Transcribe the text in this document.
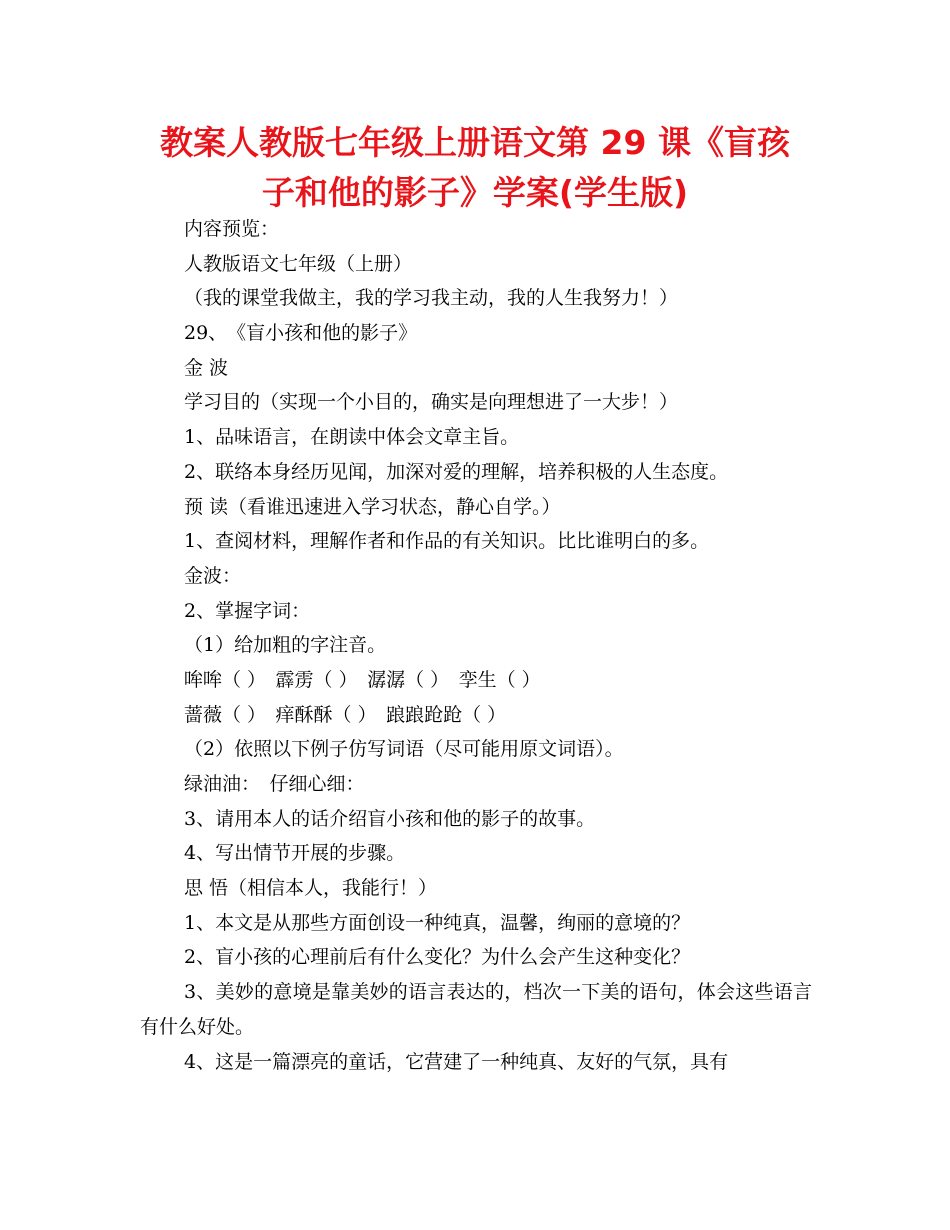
教案人教版七年级上册语文第 29 课《盲孩
子和他的影子》学案(学生版)
内容预览：
人教版语文七年级（上册）
（我的课堂我做主，我的学习我主动，我的人生我努力！）
29、　《盲小孩和他的影子》
金 波
学习目的（实现一个小目的，确实是向理想进了一大步！）
1、品味语言，在朗读中体会文章主旨。
2、联络本身经历见闻，加深对爱的理解，培养积极的人生态度。
预 读（看谁迅速进入学习状态，静心自学。）
1、查阅材料，理解作者和作品的有关知识。比比谁明白的多。
金波：
2、掌握字词：
（1）给加粗的字注音。
哞哞（ ）　霹雳（ ）　潺潺（ ）　孪生（ ）
蔷薇（ ）　痒酥酥（ ）　踉踉跄跄（ ）
（2）依照以下例子仿写词语（尽可能用原文词语）。
绿油油：　仔细心细：
3、请用本人的话介绍盲小孩和他的影子的故事。
4、写出情节开展的步骤。
思 悟（相信本人，我能行！）
1、本文是从那些方面创设一种纯真，温馨，绚丽的意境的？
2、盲小孩的心理前后有什么变化？为什么会产生这种变化？
3、美妙的意境是靠美妙的语言表达的，档次一下美的语句，体会这些语言有什么好处。
4、这是一篇漂亮的童话，它营建了一种纯真、友好的气氛，具有
